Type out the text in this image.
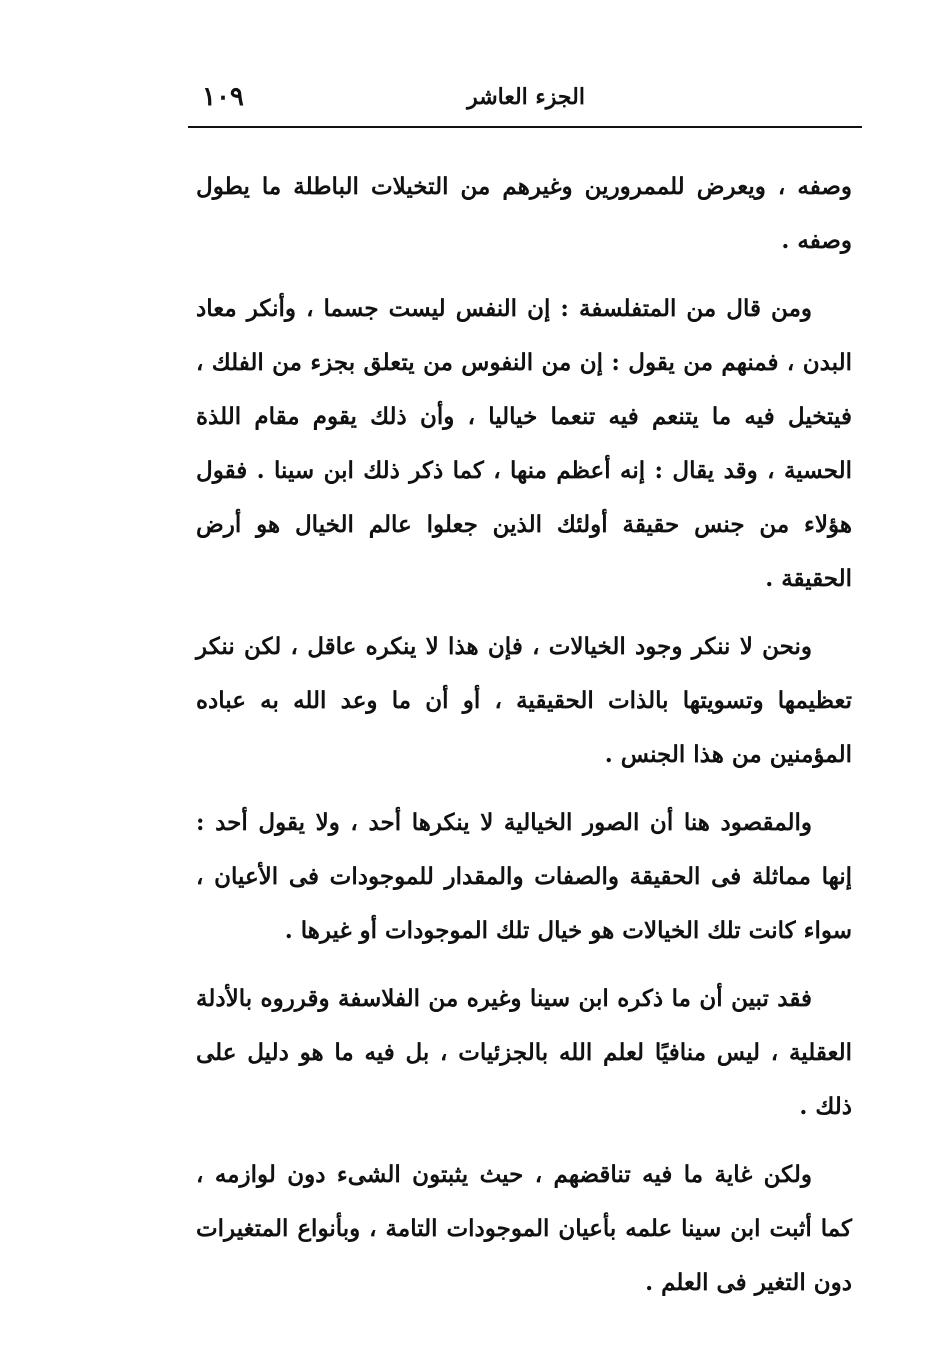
١٠٩	الجزء العاشر

وصفه ، ويعرض للممرورين وغيرهم من التخيلات الباطلة ما يطول وصفه .

ومن قال من المتفلسفة : إن النفس ليست جسما ، وأنكر معاد البدن ، فمنهم من يقول : إن من النفوس من يتعلق بجزء من الفلك ، فيتخيل فيه ما يتنعم فيه تنعما خياليا ، وأن ذلك يقوم مقام اللذة الحسية ، وقد يقال : إنه أعظم منها ، كما ذكر ذلك ابن سينا . فقول هؤلاء من جنس حقيقة أولئك الذين جعلوا عالم الخيال هو أرض الحقيقة .

ونحن لا ننكر وجود الخيالات ، فإن هذا لا ينكره عاقل ، لكن ننكر تعظيمها وتسويتها بالذات الحقيقية ، أو أن ما وعد الله به عباده المؤمنين من هذا الجنس .

والمقصود هنا أن الصور الخيالية لا ينكرها أحد ، ولا يقول أحد : إنها مماثلة فى الحقيقة والصفات والمقدار للموجودات فى الأعيان ، سواء كانت تلك الخيالات هو خيال تلك الموجودات أو غيرها .

فقد تبين أن ما ذكره ابن سينا وغيره من الفلاسفة وقرروه بالأدلة العقلية ، ليس منافيًا لعلم الله بالجزئيات ، بل فيه ما هو دليل على ذلك .

ولكن غاية ما فيه تناقضهم ، حيث يثبتون الشىء دون لوازمه ، كما أثبت ابن سينا علمه بأعيان الموجودات التامة ، وبأنواع المتغيرات دون التغير فى العلم .
